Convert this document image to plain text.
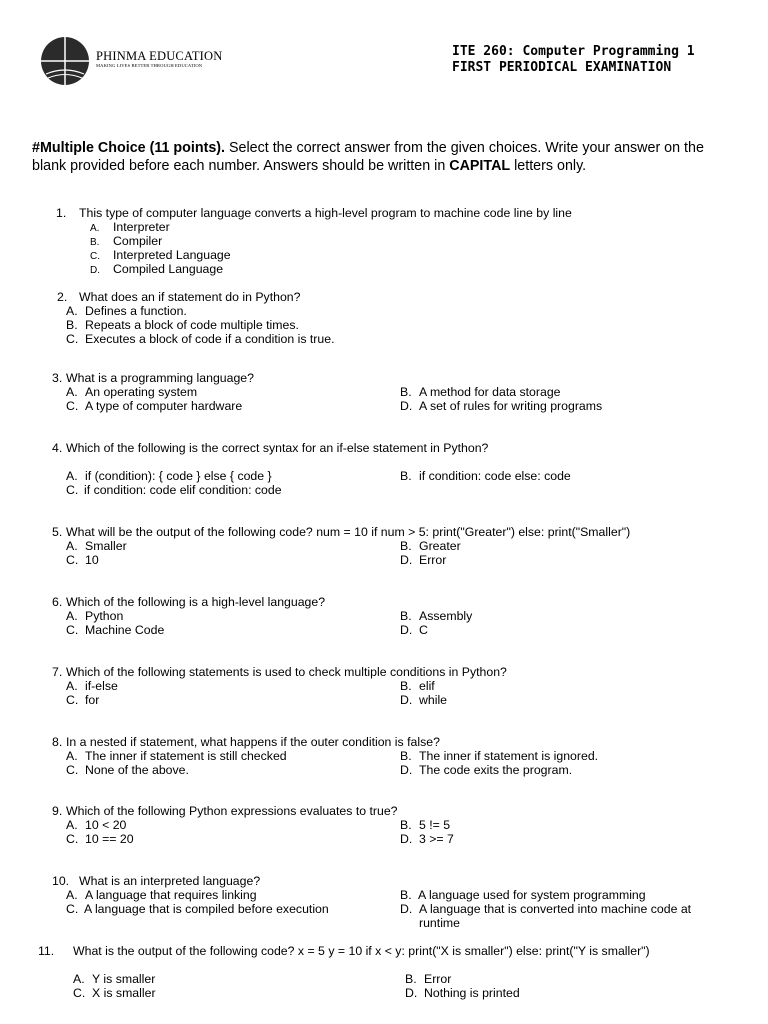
PHINMA EDUCATION
MAKING LIVES BETTER THROUGH EDUCATION
ITE 260: Computer Programming 1
FIRST PERIODICAL EXAMINATION
#Multiple Choice (11 points). Select the correct answer from the given choices. Write your answer on the blank provided before each number. Answers should be written in CAPITAL letters only.
1. This type of computer language converts a high-level program to machine code line by line
A. Interpreter
B. Compiler
C. Interpreted Language
D. Compiled Language
2. What does an if statement do in Python?
A. Defines a function.
B. Repeats a block of code multiple times.
C. Executes a block of code if a condition is true.
3. What is a programming language?
A. An operating system	B. A method for data storage
C. A type of computer hardware	D. A set of rules for writing programs
4. Which of the following is the correct syntax for an if-else statement in Python?
A. if (condition): { code } else { code }	B. if condition: code else: code
C. if condition: code elif condition: code
5. What will be the output of the following code? num = 10 if num > 5: print("Greater") else: print("Smaller")
A. Smaller	B. Greater
C. 10	D. Error
6. Which of the following is a high-level language?
A. Python	B. Assembly
C. Machine Code	D. C
7. Which of the following statements is used to check multiple conditions in Python?
A. if-else	B. elif
C. for	D. while
8. In a nested if statement, what happens if the outer condition is false?
A. The inner if statement is still checked	B. The inner if statement is ignored.
C. None of the above.	D. The code exits the program.
9. Which of the following Python expressions evaluates to true?
A. 10 < 20	B. 5 != 5
C. 10 == 20	D. 3 >= 7
10. What is an interpreted language?
A. A language that requires linking	B. A language used for system programming
C. A language that is compiled before execution	D. A language that is converted into machine code at
runtime
11. What is the output of the following code? x = 5 y = 10 if x < y: print("X is smaller") else: print("Y is smaller")
A. Y is smaller	B. Error
C. X is smaller	D. Nothing is printed
